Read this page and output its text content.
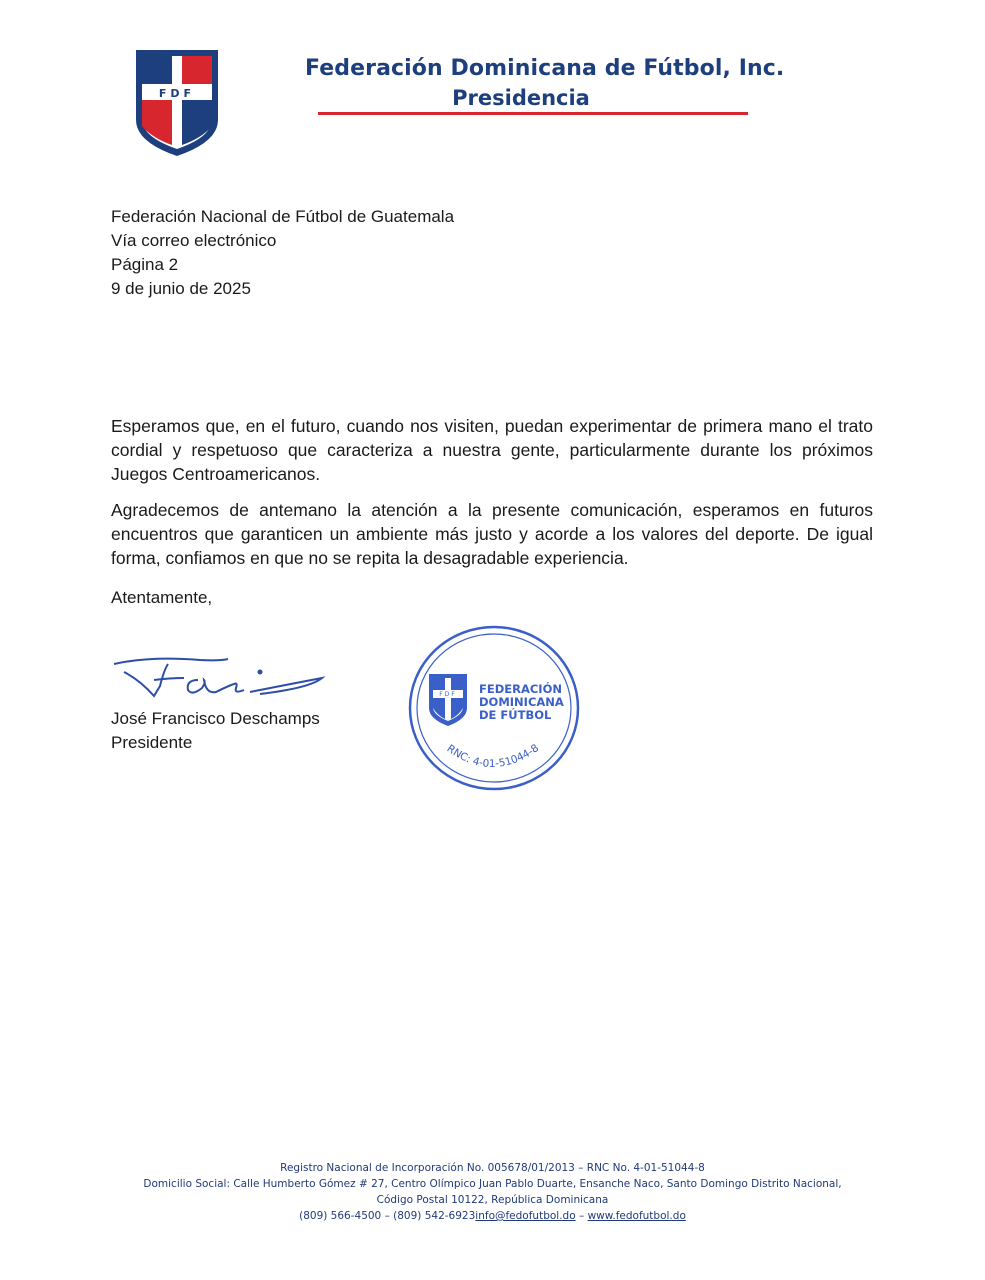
FDF
Federación Dominicana de Fútbol, Inc.
Presidencia
Federación Nacional de Fútbol de Guatemala
Vía correo electrónico
Página 2
9 de junio de 2025

Esperamos que, en el futuro, cuando nos visiten, puedan experimentar de primera mano el trato cordial y respetuoso que caracteriza a nuestra gente, particularmente durante los próximos Juegos Centroamericanos.

Agradecemos de antemano la atención a la presente comunicación, esperamos en futuros encuentros que garanticen un ambiente más justo y acorde a los valores del deporte. De igual forma, confiamos en que no se repita la desagradable experiencia.

Atentamente,
José Francisco Deschamps
Presidente
FDF FEDERACIÓN
DOMINICANA
DE FÚTBOL
RNC: 4-01-51044-8
Registro Nacional de Incorporación No. 005678/01/2013 – RNC No. 4-01-51044-8
Domicilio Social: Calle Humberto Gómez # 27, Centro Olímpico Juan Pablo Duarte, Ensanche Naco, Santo Domingo Distrito Nacional,
Código Postal 10122, República Dominicana
(809) 566-4500 – (809) 542-6923info@fedofutbol.do – www.fedofutbol.do
